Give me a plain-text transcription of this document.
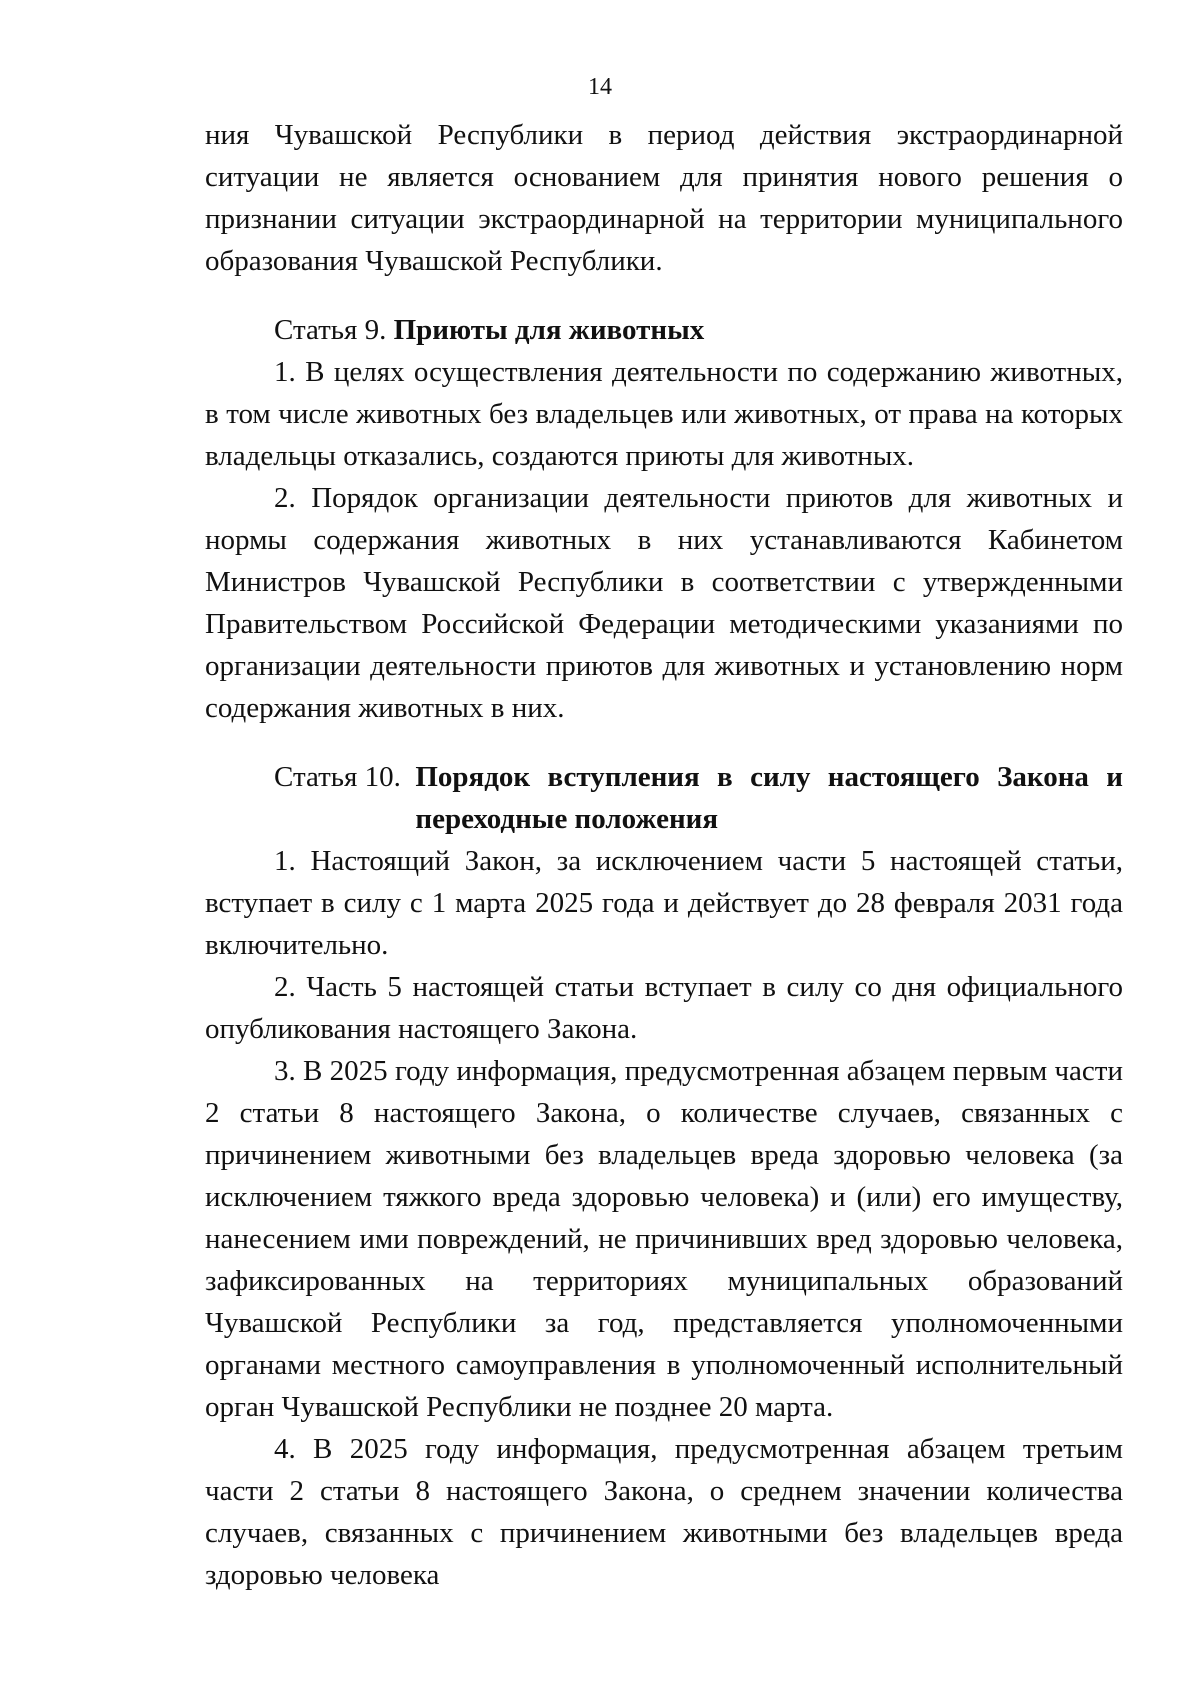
14

ния Чувашской Республики в период действия экстраординарной ситуации не является основанием для принятия нового решения о признании ситуации экстраординарной на территории муниципального образования Чувашской Республики.

Статья 9. Приюты для животных

1. В целях осуществления деятельности по содержанию животных, в том числе животных без владельцев или животных, от права на которых владельцы отказались, создаются приюты для животных.

2. Порядок организации деятельности приютов для животных и нормы содержания животных в них устанавливаются Кабинетом Министров Чувашской Республики в соответствии с утвержденными Правительством Российской Федерации методическими указаниями по организации деятельности приютов для животных и установлению норм содержания животных в них.

Статья 10. Порядок вступления в силу настоящего Закона и переходные положения

1. Настоящий Закон, за исключением части 5 настоящей статьи, вступает в силу с 1 марта 2025 года и действует до 28 февраля 2031 года включительно.

2. Часть 5 настоящей статьи вступает в силу со дня официального опубликования настоящего Закона.

3. В 2025 году информация, предусмотренная абзацем первым части 2 статьи 8 настоящего Закона, о количестве случаев, связанных с причинением животными без владельцев вреда здоровью человека (за исключением тяжкого вреда здоровью человека) и (или) его имуществу, нанесением ими повреждений, не причинивших вред здоровью человека, зафиксированных на территориях муниципальных образований Чувашской Республики за год, представляется уполномоченными органами местного самоуправления в уполномоченный исполнительный орган Чувашской Республики не позднее 20 марта.

4. В 2025 году информация, предусмотренная абзацем третьим части 2 статьи 8 настоящего Закона, о среднем значении количества случаев, связанных с причинением животными без владельцев вреда здоровью человека
